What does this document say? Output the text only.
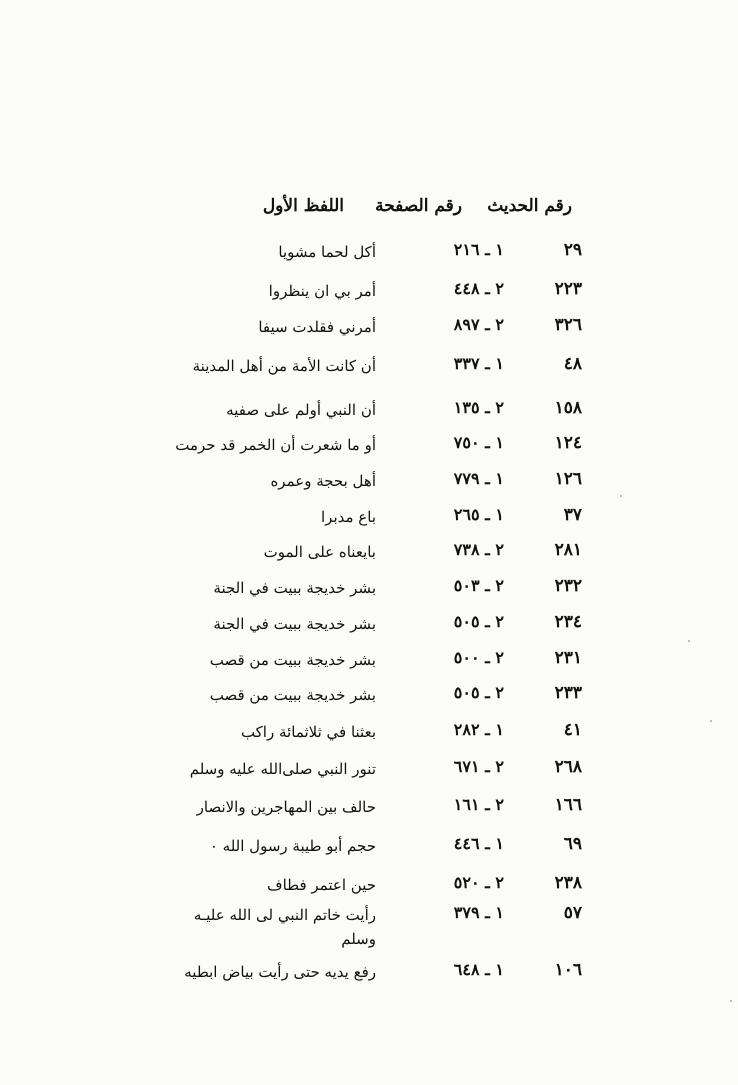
رقم الحديث
رقم الصفحة
اللفظ الأول
٢٩
١ ـ ٢١٦
أكل لحما مشويا
٢٢٣
٢ ـ ٤٤٨
أمر بي ان ينظروا
٣٢٦
٢ ـ ٨٩٧
أمرني فقلدت سيفا
٤٨
١ ـ ٣٣٧
أن كانت الأمة من أهل المدينة
١٥٨
٢ ـ ١٣٥
أن النبي أولم على صفيه
١٢٤
١ ـ ٧٥٠
أو ما شعرت أن الخمر قد حرمت
١٢٦
١ ـ ٧٧٩
أهل بحجة وعمره
٣٧
١ ـ ٢٦٥
باع مدبرا
٢٨١
٢ ـ ٧٣٨
بايعناه على الموت
٢٣٢
٢ ـ ٥٠٣
بشر خديجة ببيت في الجنة
٢٣٤
٢ ـ ٥٠٥
بشر خديجة ببيت في الجنة
٢٣١
٢ ـ ٥٠٠
بشر خديجة ببيت من قصب
٢٣٣
٢ ـ ٥٠٥
بشر خديجة ببيت من قصب
٤١
١ ـ ٢٨٢
بعثنا في ثلاثمائة راكب
٢٦٨
٢ ـ ٦٧١
تنور النبي صلى‌الله عليه وسلم
١٦٦
٢ ـ ١٦١
حالف بين المهاجرين والانصار
٦٩
١ ـ ٤٤٦
حجم أبو طيبة رسول الله ٠
٢٣٨
٢ ـ ٥٢٠
حين اعتمر فطاف
٥٧
١ ـ ٣٧٩
رأيت خاتم النبي لى الله عليـه وسلم
١٠٦
١ ـ ٦٤٨
رفع يديه حتى رأيت بياض ابطيه
